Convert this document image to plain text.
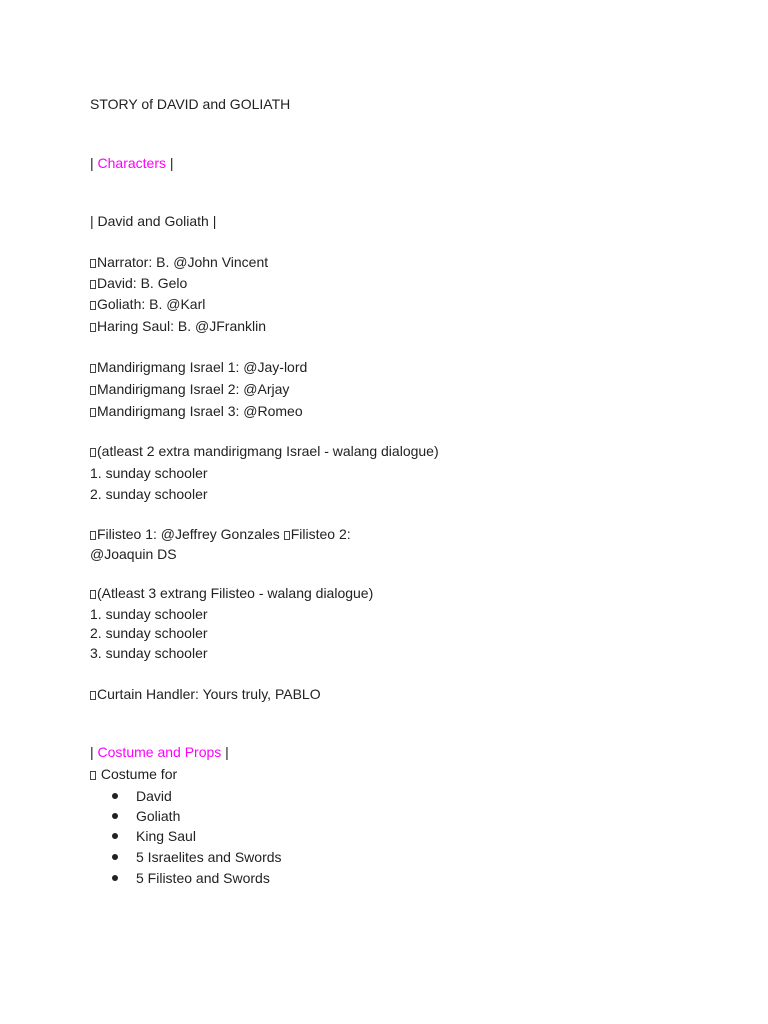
STORY of DAVID and GOLIATH
| Characters |
| David and Goliath |
Narrator: B. @John Vincent
David: B. Gelo
Goliath: B. @Karl
Haring Saul: B. @JFranklin
Mandirigmang Israel 1: @Jay-lord
Mandirigmang Israel 2: @Arjay
Mandirigmang Israel 3: @Romeo
(atleast 2 extra mandirigmang Israel - walang dialogue)
1. sunday schooler
2. sunday schooler
Filisteo 1: @Jeffrey Gonzales Filisteo 2:
@Joaquin DS
(Atleast 3 extrang Filisteo - walang dialogue)
1. sunday schooler
2. sunday schooler
3. sunday schooler
Curtain Handler: Yours truly, PABLO
| Costume and Props |
Costume for
David
Goliath
King Saul
5 Israelites and Swords
5 Filisteo and Swords
